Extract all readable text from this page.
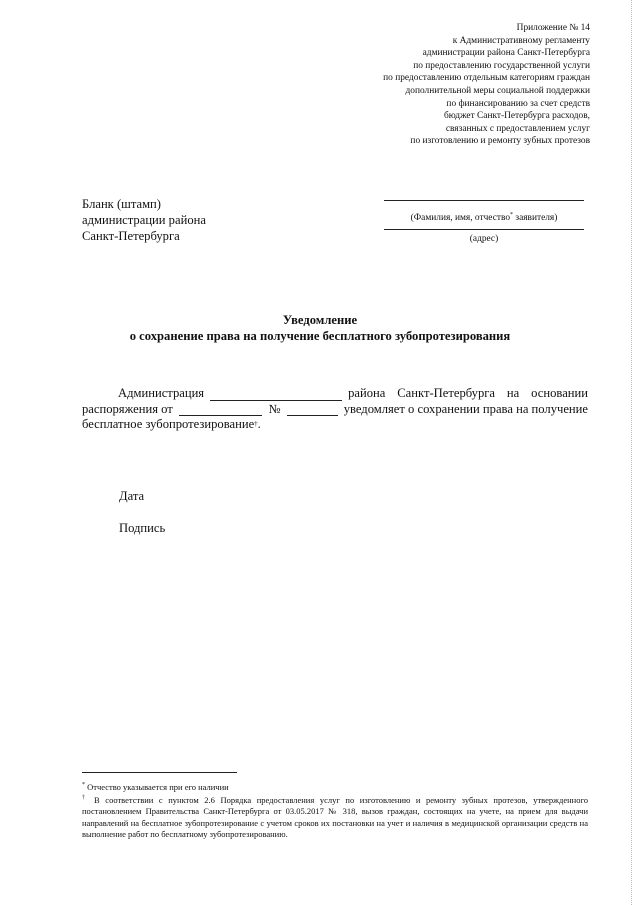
Приложение № 14
к Административному регламенту
администрации района Санкт-Петербурга
по предоставлению государственной услуги
по предоставлению отдельным категориям граждан
дополнительной меры социальной поддержки
по финансированию за счет средств
бюджет Санкт-Петербурга расходов,
связанных с предоставлением услуг
по изготовлению и ремонту зубных протезов
Бланк (штамп)
администрации района
Санкт-Петербурга
(Фамилия, имя, отчество* заявителя)
(адрес)
Уведомление
о сохранение права на получение бесплатного зубопротезирования
Администрация	района Санкт-Петербурга на основании
распоряжения от	№	уведомляет о сохранении права на получение
бесплатное зубопротезирование † .
Дата
Подпись

* Отчество указывается при его наличии

† В соответствии с пунктом 2.6 Порядка предоставления услуг по изготовлению и ремонту зубных протезов, утвержденного постановлением Правительства Санкт-Петербурга от 03.05.2017 № 318, вызов граждан, состоящих на учете, на прием для выдачи направлений на бесплатное зубопротезирование с учетом сроков их постановки на учет и наличия в медицинской организации средств на выполнение работ по бесплатному зубопротезированию.
